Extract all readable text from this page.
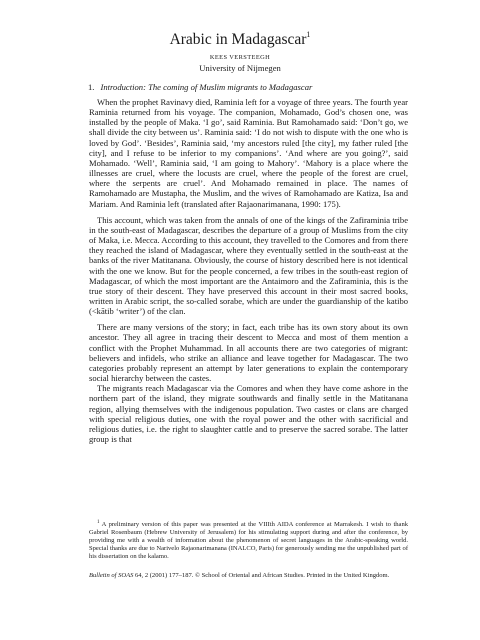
Arabic in Madagascar$^1$
KEES VERSTEEGH
University of Nijmegen
1. Introduction: The coming of Muslim migrants to Madagascar

When the prophet Ravinavy died, Raminia left for a voyage of three years. The fourth year Raminia returned from his voyage. The companion, Mohamado, God’s chosen one, was installed by the people of Maka. ‘I go’, said Raminia. But Ramohamado said: ‘Don’t go, we shall divide the city between us’. Raminia said: ‘I do not wish to dispute with the one who is loved by God’. ‘Besides’, Raminia said, ‘my ancestors ruled [the city], my father ruled [the city], and I refuse to be inferior to my companions’. ‘And where are you going?’, said Mohamado. ‘Well’, Raminia said, ‘I am going to Mahory’. ‘Mahory is a place where the illnesses are cruel, where the locusts are cruel, where the people of the forest are cruel, where the serpents are cruel’. And Mohamado remained in place. The names of Ramohamado are Mustapha, the Muslim, and the wives of Ramohamado are Katiza, Isa and Mariam. And Raminia left (translated after Rajaonarimanana, 1990: 175).

This account, which was taken from the annals of one of the kings of the Zafiraminia tribe in the south-east of Madagascar, describes the departure of a group of Muslims from the city of Maka, i.e. Mecca. According to this account, they travelled to the Comores and from there they reached the island of Madagascar, where they eventually settled in the south-east at the banks of the river Matitanana. Obviously, the course of history described here is not identical with the one we know. But for the people concerned, a few tribes in the south-east region of Madagascar, of which the most important are the Antaimoro and the Zafiraminia, this is the true story of their descent. They have preserved this account in their most sacred books, written in Arabic script, the so-called sorabe, which are under the guardianship of the katibo (<kātib ‘writer’) of the clan.

There are many versions of the story; in fact, each tribe has its own story about its own ancestor. They all agree in tracing their descent to Mecca and most of them mention a conflict with the Prophet Muhammad. In all accounts there are two categories of migrant: believers and infidels, who strike an alliance and leave together for Madagascar. The two categories probably represent an attempt by later generations to explain the contemporary social hierarchy between the castes.

The migrants reach Madagascar via the Comores and when they have come ashore in the northern part of the island, they migrate southwards and finally settle in the Matitanana region, allying themselves with the indigenous population. Two castes or clans are charged with special religious duties, one with the royal power and the other with sacrificial and religious duties, i.e. the right to slaughter cattle and to preserve the sacred sorabe. The latter group is that

$^1$ A preliminary version of this paper was presented at the VIIIth AIDA conference at Marrakesh. I wish to thank Gabriel Rosenbaum (Hebrew University of Jerusalem) for his stimulating support during and after the conference, by providing me with a wealth of information about the phenomenon of secret languages in the Arabic-speaking world. Special thanks are due to Narivelo Rajaonarimanana (INALCO, Paris) for generously sending me the unpublished part of his dissertation on the kalamo.

Bulletin of SOAS 64, 2 (2001) 177–187. © School of Oriental and African Studies. Printed in the United Kingdom.
